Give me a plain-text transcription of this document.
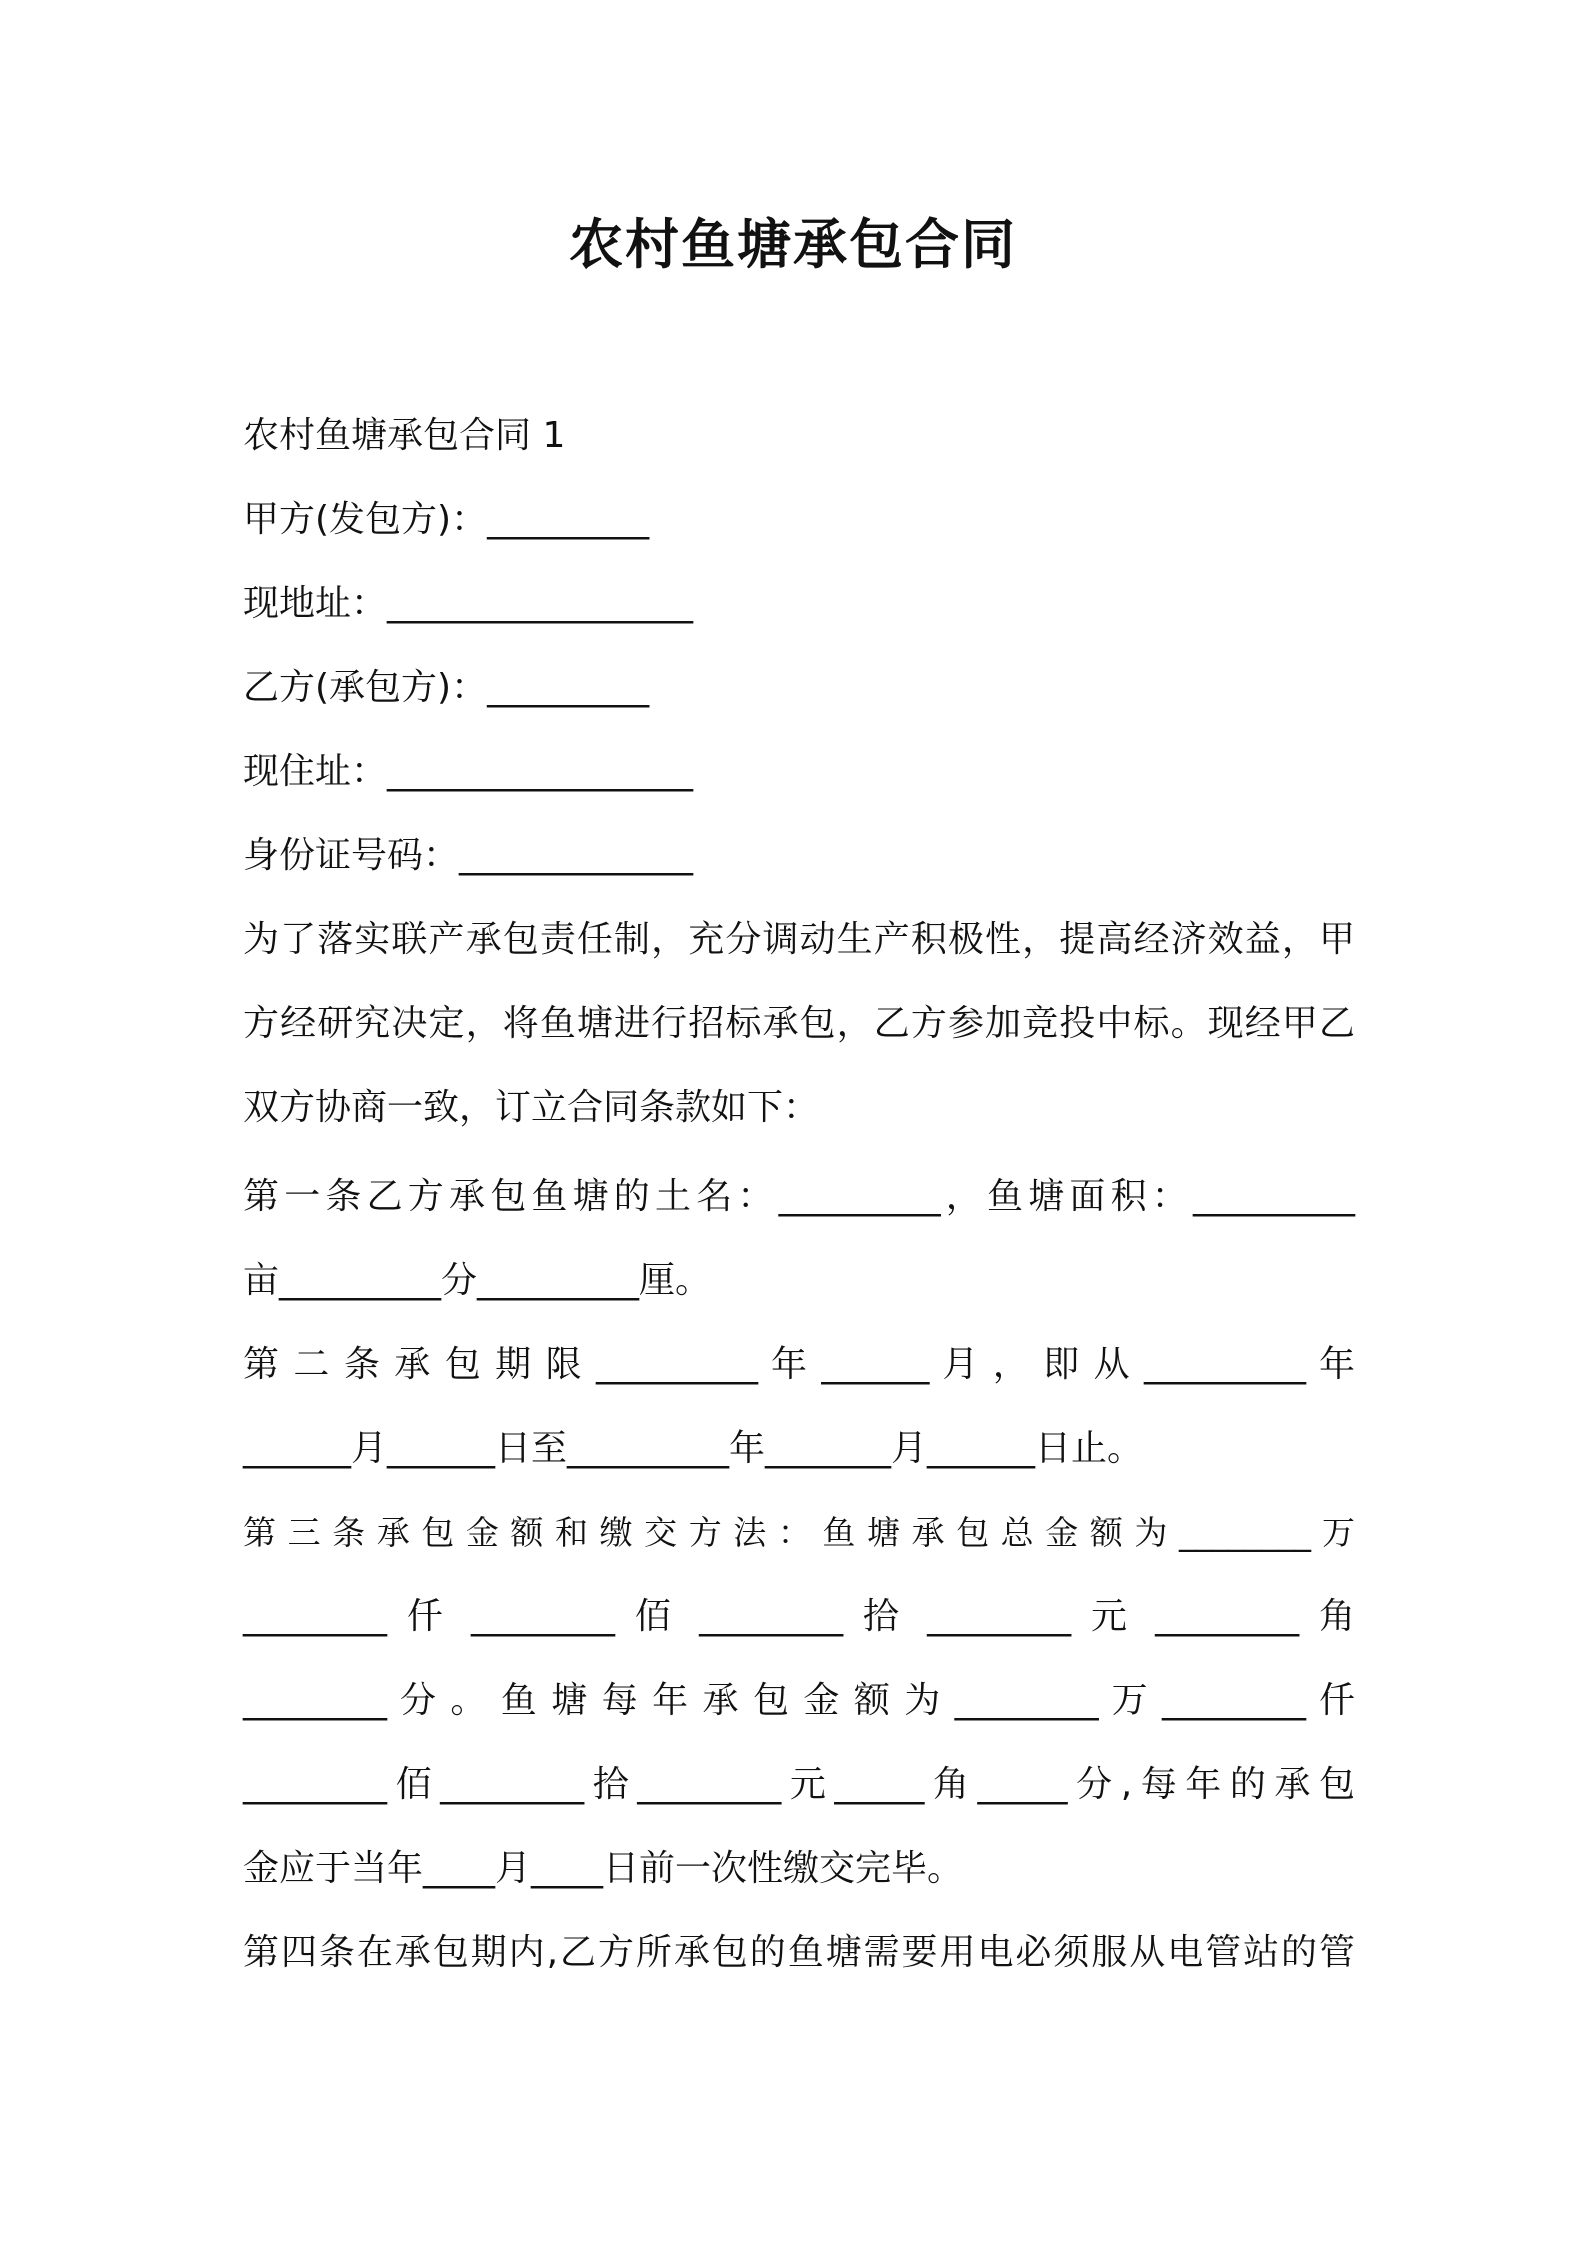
农村鱼塘承包合同
农村鱼塘承包合同 1
甲方(发包方)：_________
现地址：_________________
乙方(承包方)：_________
现住址：_________________
身份证号码：_____________
为了落实联产承包责任制，充分调动生产积极性，提高经济效益，甲
方经研究决定，将鱼塘进行招标承包，乙方参加竞投中标。现经甲乙
双方协商一致，订立合同条款如下：
第一条乙方承包鱼塘的土名：_________，鱼塘面积：_________
亩_________分_________厘。
第 二 条 承 包 期 限 _________ 年 ______ 月 ， 即 从 _________ 年
______月______日至_________年_______月______日止。
第 三 条 承 包 金 额 和 缴 交 方 法 ： 鱼 塘 承 包 总 金 额 为 ________ 万
________ 仟 ________ 佰 ________ 拾 ________ 元 ________ 角
________ 分 。 鱼 塘 每 年 承 包 金 额 为 ________ 万 ________ 仟
________佰________拾________元_____角_____分,每年的承包
金应于当年____月____日前一次性缴交完毕。
第四条在承包期内,乙方所承包的鱼塘需要用电必须服从电管站的管
